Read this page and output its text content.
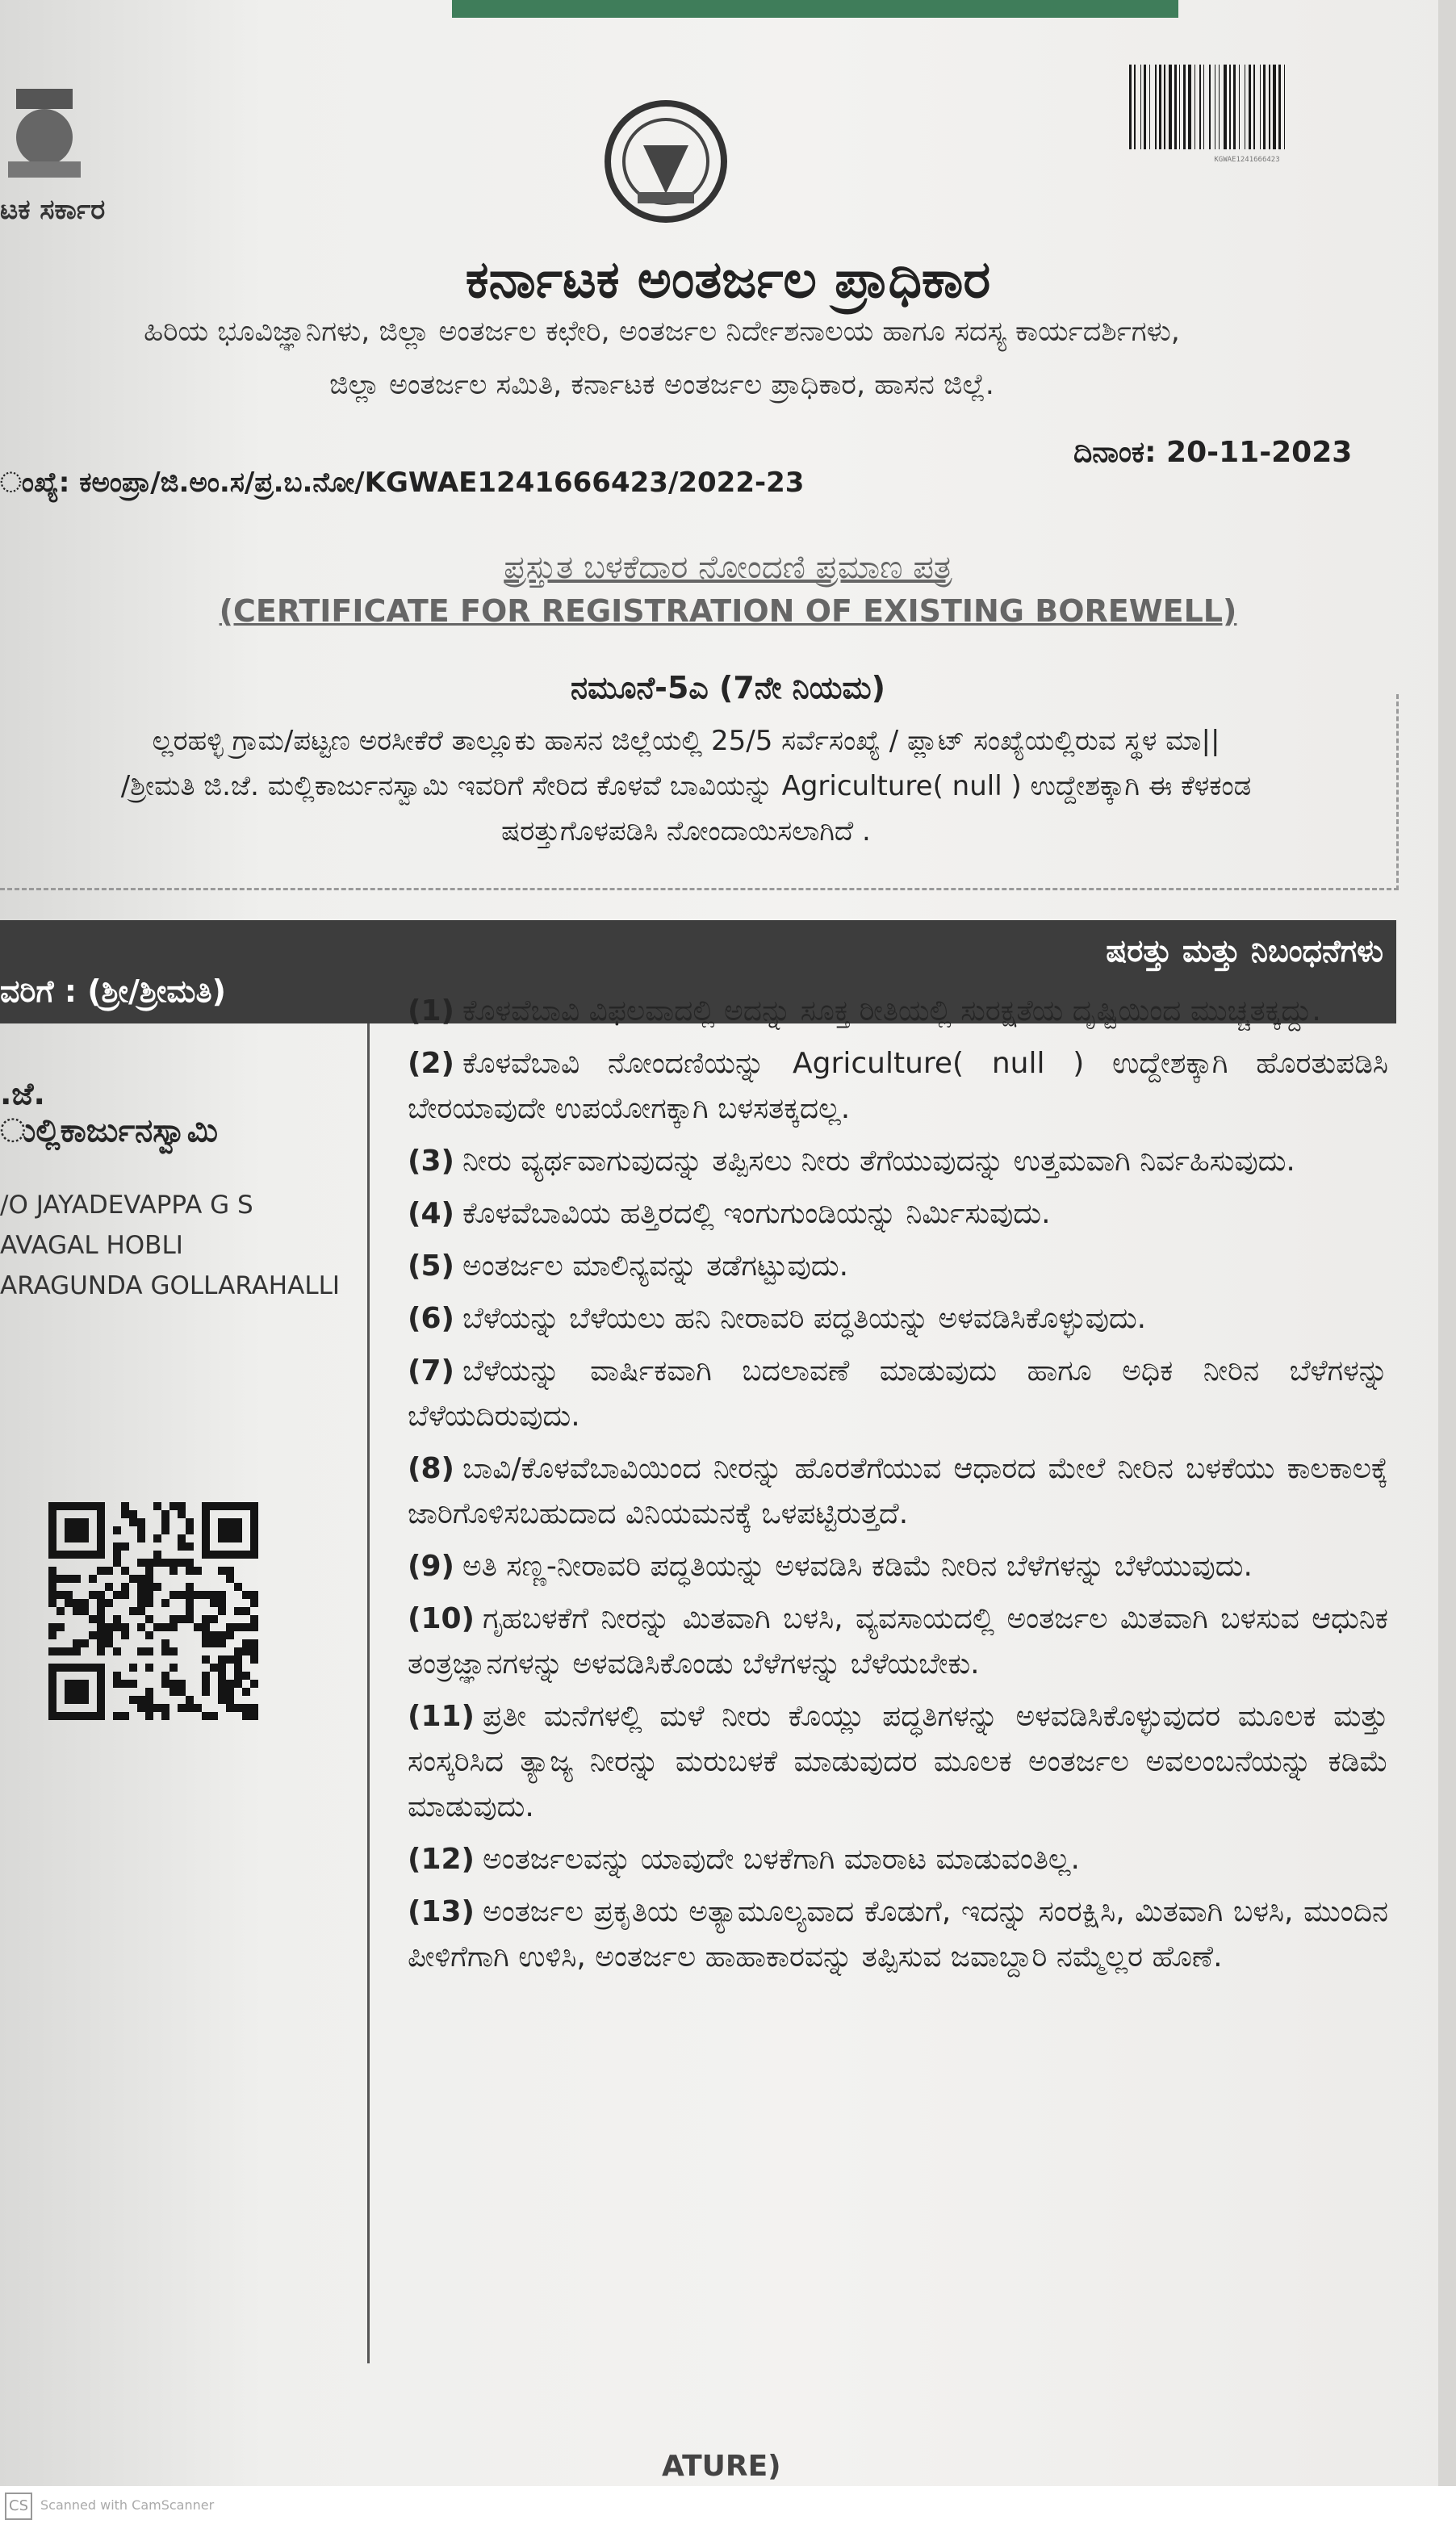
ಟಕ ಸರ್ಕಾರ
KGWAE1241666423
ಕರ್ನಾಟಕ ಅಂತರ್ಜಲ ಪ್ರಾಧಿಕಾರ
ಹಿರಿಯ ಭೂವಿಜ್ಞಾನಿಗಳು, ಜಿಲ್ಲಾ ಅಂತರ್ಜಲ ಕಛೇರಿ, ಅಂತರ್ಜಲ ನಿರ್ದೇಶನಾಲಯ ಹಾಗೂ ಸದಸ್ಯ ಕಾರ್ಯದರ್ಶಿಗಳು,
ಜಿಲ್ಲಾ ಅಂತರ್ಜಲ ಸಮಿತಿ, ಕರ್ನಾಟಕ ಅಂತರ್ಜಲ ಪ್ರಾಧಿಕಾರ, ಹಾಸನ ಜಿಲ್ಲೆ.
ಂಖ್ಯೆ: ಕಅಂಪ್ರಾ/ಜಿ.ಅಂ.ಸ/ಪ್ರ.ಬ.ನೋ/KGWAE1241666423/2022-23
ದಿನಾಂಕ: 20-11-2023
ಪ್ರಸ್ತುತ ಬಳಕೆದಾರ ನೋಂದಣಿ ಪ್ರಮಾಣ ಪತ್ರ
(CERTIFICATE FOR REGISTRATION OF EXISTING BOREWELL)
ನಮೂನೆ-5ಎ (7ನೇ ನಿಯಮ)
ಲ್ಲರಹಳ್ಳಿ ಗ್ರಾಮ/ಪಟ್ಟಣ ಅರಸೀಕೆರೆ ತಾಲ್ಲೂಕು ಹಾಸನ ಜಿಲ್ಲೆಯಲ್ಲಿ 25/5 ಸರ್ವೆಸಂಖ್ಯೆ / ಪ್ಲಾಟ್ ಸಂಖ್ಯೆಯಲ್ಲಿರುವ ಸ್ಥಳ ಮಾ||
/ಶ್ರೀಮತಿ ಜಿ.ಜೆ. ಮಲ್ಲಿಕಾರ್ಜುನಸ್ವಾಮಿ ಇವರಿಗೆ ಸೇರಿದ ಕೊಳವೆ ಬಾವಿಯನ್ನು Agriculture( null ) ಉದ್ದೇಶಕ್ಕಾಗಿ ಈ ಕೆಳಕಂಡ
ಷರತ್ತುಗೊಳಪಡಿಸಿ ನೋಂದಾಯಿಸಲಾಗಿದೆ .
ಷರತ್ತು ಮತ್ತು ನಿಬಂಧನೆಗಳು
ವರಿಗೆ : (ಶ್ರೀ/ಶ್ರೀಮತಿ)
.ಜೆ.
ುಲ್ಲಿಕಾರ್ಜುನಸ್ವಾಮಿ
/O JAYADEVAPPA G S
AVAGAL HOBLI
ARAGUNDA GOLLARAHALLI
(1) ಕೊಳವೆಬಾವಿ ವಿಫಲವಾದಲ್ಲಿ ಅದನ್ನು ಸೂಕ್ತ ರೀತಿಯಲ್ಲಿ ಸುರಕ್ಷತೆಯ ದೃಷ್ಟಿಯಿಂದ ಮುಚ್ಚತಕ್ಕದ್ದು.
(2) ಕೊಳವೆಬಾವಿ ನೋಂದಣಿಯನ್ನು Agriculture( null ) ಉದ್ದೇಶಕ್ಕಾಗಿ ಹೊರತುಪಡಿಸಿ ಬೇರಯಾವುದೇ ಉಪಯೋಗಕ್ಕಾಗಿ ಬಳಸತಕ್ಕದಲ್ಲ.
(3) ನೀರು ವ್ಯರ್ಥವಾಗುವುದನ್ನು ತಪ್ಪಿಸಲು ನೀರು ತೆಗೆಯುವುದನ್ನು ಉತ್ತಮವಾಗಿ ನಿರ್ವಹಿಸುವುದು.
(4) ಕೊಳವೆಬಾವಿಯ ಹತ್ತಿರದಲ್ಲಿ ಇಂಗುಗುಂಡಿಯನ್ನು ನಿರ್ಮಿಸುವುದು.
(5) ಅಂತರ್ಜಲ ಮಾಲಿನ್ಯವನ್ನು ತಡೆಗಟ್ಟುವುದು.
(6) ಬೆಳೆಯನ್ನು ಬೆಳೆಯಲು ಹನಿ ನೀರಾವರಿ ಪದ್ಧತಿಯನ್ನು ಅಳವಡಿಸಿಕೊಳ್ಳುವುದು.
(7) ಬೆಳೆಯನ್ನು ವಾರ್ಷಿಕವಾಗಿ ಬದಲಾವಣೆ ಮಾಡುವುದು ಹಾಗೂ ಅಧಿಕ ನೀರಿನ ಬೆಳೆಗಳನ್ನು ಬೆಳೆಯದಿರುವುದು.
(8) ಬಾವಿ/ಕೊಳವೆಬಾವಿಯಿಂದ ನೀರನ್ನು ಹೊರತೆಗೆಯುವ ಆಧಾರದ ಮೇಲೆ ನೀರಿನ ಬಳಕೆಯು ಕಾಲಕಾಲಕ್ಕೆ ಜಾರಿಗೊಳಿಸಬಹುದಾದ ವಿನಿಯಮನಕ್ಕೆ ಒಳಪಟ್ಟಿರುತ್ತದೆ.
(9) ಅತಿ ಸಣ್ಣ-ನೀರಾವರಿ ಪದ್ಧತಿಯನ್ನು ಅಳವಡಿಸಿ ಕಡಿಮೆ ನೀರಿನ ಬೆಳೆಗಳನ್ನು ಬೆಳೆಯುವುದು.
(10) ಗೃಹಬಳಕೆಗೆ ನೀರನ್ನು ಮಿತವಾಗಿ ಬಳಸಿ, ವ್ಯವಸಾಯದಲ್ಲಿ ಅಂತರ್ಜಲ ಮಿತವಾಗಿ ಬಳಸುವ ಆಧುನಿಕ ತಂತ್ರಜ್ಞಾನಗಳನ್ನು ಅಳವಡಿಸಿಕೊಂಡು ಬೆಳೆಗಳನ್ನು ಬೆಳೆಯಬೇಕು.
(11) ಪ್ರತೀ ಮನೆಗಳಲ್ಲಿ ಮಳೆ ನೀರು ಕೊಯ್ಲು ಪದ್ಧತಿಗಳನ್ನು ಅಳವಡಿಸಿಕೊಳ್ಳುವುದರ ಮೂಲಕ ಮತ್ತು ಸಂಸ್ಕರಿಸಿದ ತ್ಯಾಜ್ಯ ನೀರನ್ನು ಮರುಬಳಕೆ ಮಾಡುವುದರ ಮೂಲಕ ಅಂತರ್ಜಲ ಅವಲಂಬನೆಯನ್ನು ಕಡಿಮೆ ಮಾಡುವುದು.
(12) ಅಂತರ್ಜಲವನ್ನು ಯಾವುದೇ ಬಳಕೆಗಾಗಿ ಮಾರಾಟ ಮಾಡುವಂತಿಲ್ಲ.
(13) ಅಂತರ್ಜಲ ಪ್ರಕೃತಿಯ ಅತ್ಯಾಮೂಲ್ಯವಾದ ಕೊಡುಗೆ, ಇದನ್ನು ಸಂರಕ್ಷಿಸಿ, ಮಿತವಾಗಿ ಬಳಸಿ, ಮುಂದಿನ ಪೀಳಿಗೆಗಾಗಿ ಉಳಿಸಿ, ಅಂತರ್ಜಲ ಹಾಹಾಕಾರವನ್ನು ತಪ್ಪಿಸುವ ಜವಾಬ್ದಾರಿ ನಮ್ಮೆಲ್ಲರ ಹೊಣೆ.
ATURE)
CS Scanned with CamScanner
